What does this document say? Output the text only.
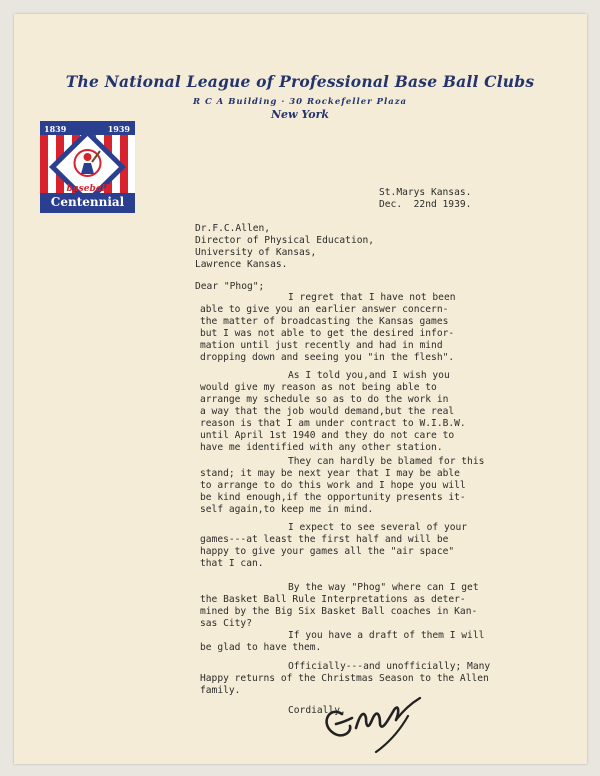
The National League of Professional Base Ball Clubs
R C A Building · 30 Rockefeller Plaza
New York
1839	1939
baseball
Centennial
St.Marys Kansas.
Dec.  22nd 1939.
Dr.F.C.Allen,
Director of Physical Education,
University of Kansas,
Lawrence Kansas.
Dear "Phog";
I regret that I have not been
able to give you an earlier answer concern-
the matter of broadcasting the Kansas games
but I was not able to get the desired infor-
mation until just recently and had in mind
dropping down and seeing you "in the flesh".
As I told you,and I wish you
would give my reason as not being able to
arrange my schedule so as to do the work in
a way that the job would demand,but the real
reason is that I am under contract to W.I.B.W.
until April 1st 1940 and they do not care to
have me identified with any other station.
They can hardly be blamed for this
stand; it may be next year that I may be able
to arrange to do this work and I hope you will
be kind enough,if the opportunity presents it-
self again,to keep me in mind.
I expect to see several of your
games---at least the first half and will be
happy to give your games all the "air space"
that I can.
By the way "Phog" where can I get
the Basket Ball Rule Interpretations as deter-
mined by the Big Six Basket Ball coaches in Kan-
sas City?
If you have a draft of them I will
be glad to have them.
Officially---and unofficially; Many
Happy returns of the Christmas Season to the Allen
family.
Cordially,
